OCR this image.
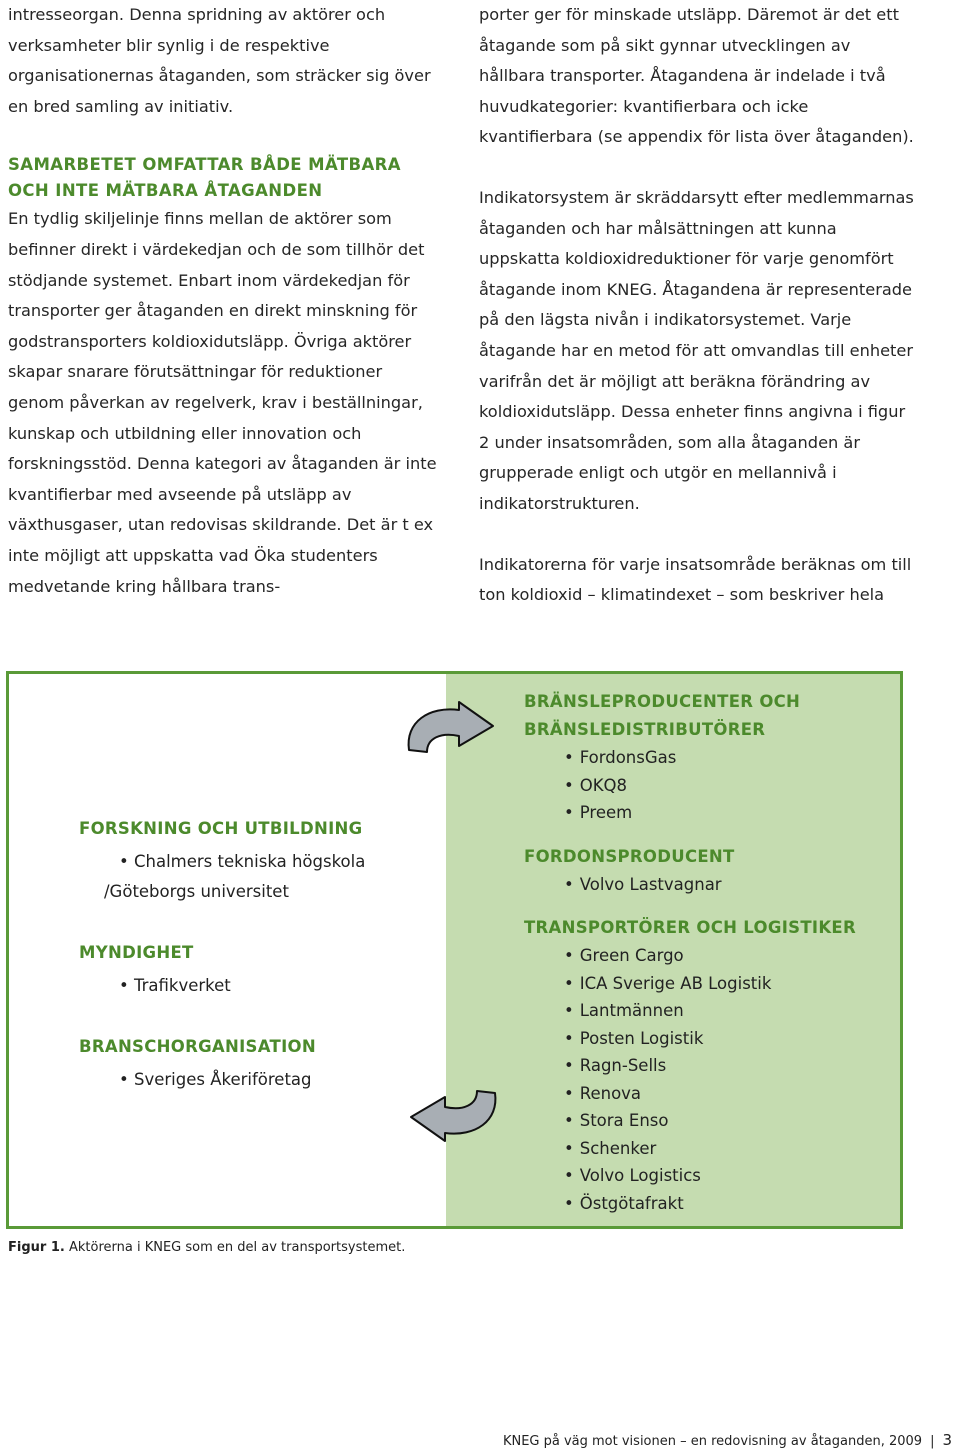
intresseorgan. Denna spridning av aktörer och verksamheter blir synlig i de respektive organisationernas åtaganden, som sträcker sig över en bred samling av initiativ.

SAMARBETET OMFATTAR BÅDE MÄTBARA
OCH INTE MÄTBARA ÅTAGANDEN

En tydlig skiljelinje finns mellan de aktörer som befinner direkt i värdekedjan och de som tillhör det stödjande systemet. Enbart inom värdekedjan för transporter ger åtaganden en direkt minskning för godstransporters koldioxidutsläpp. Övriga aktörer skapar snarare förutsättningar för reduktioner genom påverkan av regelverk, krav i beställningar, kunskap och utbildning eller innovation och forskningsstöd. Denna kategori av åtaganden är inte kvantifierbar med avseende på utsläpp av växthusgaser, utan redovisas skildrande. Det är t ex inte möjligt att uppskatta vad Öka studenters medvetande kring hållbara trans-

porter ger för minskade utsläpp. Däremot är det ett åtagande som på sikt gynnar utvecklingen av hållbara transporter. Åtagandena är indelade i två huvudkategorier: kvantifierbara och icke kvantifierbara (se appendix för lista över åtaganden).

Indikatorsystem är skräddarsytt efter medlemmarnas åtaganden och har målsättningen att kunna uppskatta koldioxidreduktioner för varje genomfört åtagande inom KNEG. Åtagandena är representerade på den lägsta nivån i indikatorsystemet. Varje åtagande har en metod för att omvandlas till enheter varifrån det är möjligt att beräkna förändring av koldioxidutsläpp. Dessa enheter finns angivna i figur 2 under insatsområden, som alla åtaganden är grupperade enligt och utgör en mellannivå i indikatorstrukturen.

Indikatorerna för varje insatsområde beräknas om till ton koldioxid – klimatindexet – som beskriver hela

FORSKNING OCH UTBILDNING

• Chalmers tekniska högskola
/Göteborgs universitet

MYNDIGHET

• Trafikverket

BRANSCHORGANISATION

• Sveriges Åkeriföretag

BRÄNSLEPRODUCENTER OCH
BRÄNSLEDISTRIBUTÖRER

• FordonsGas
• OKQ8
• Preem

FORDONSPRODUCENT

• Volvo Lastvagnar

TRANSPORTÖRER OCH LOGISTIKER

• Green Cargo
• ICA Sverige AB Logistik
• Lantmännen
• Posten Logistik
• Ragn-Sells
• Renova
• Stora Enso
• Schenker
• Volvo Logistics
• Östgötafrakt
Figur 1. Aktörerna i KNEG som en del av transportsystemet.
KNEG på väg mot visionen – en redovisning av åtaganden, 2009 | 3
